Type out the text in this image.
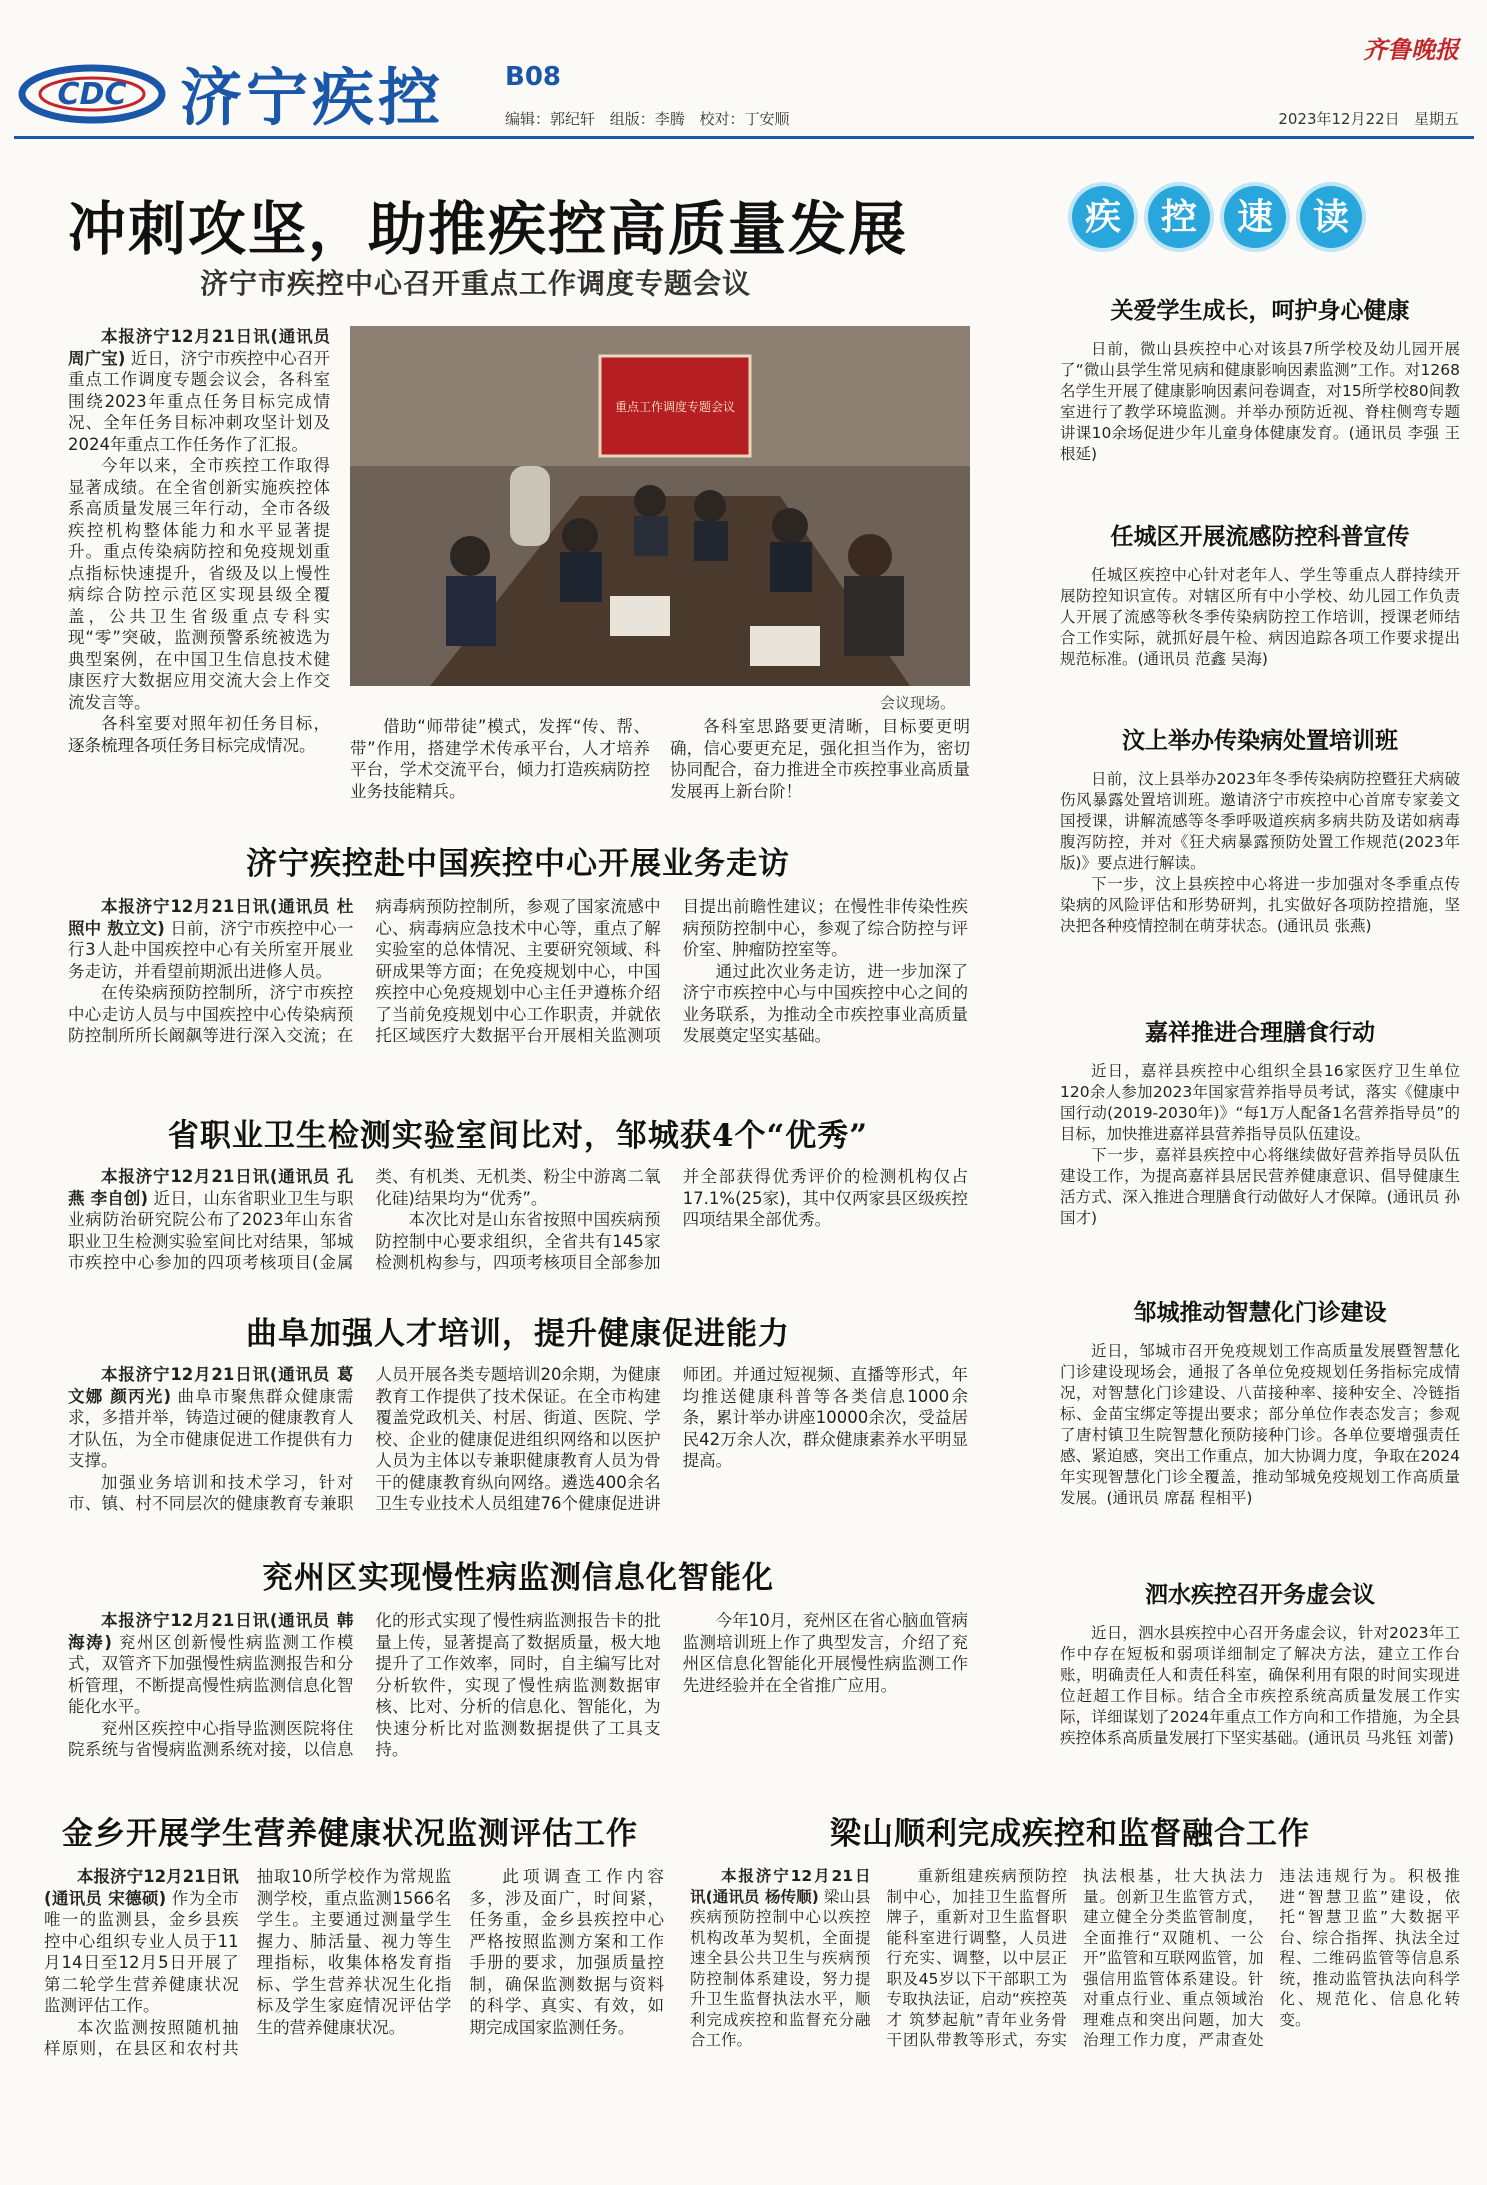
CDC 济宁疾控 B08
齐鲁晚报
编辑：郭纪轩 组版：李腾 校对：丁安顺	2023年12月22日 星期五
冲刺攻坚，助推疾控高质量发展
济宁市疾控中心召开重点工作调度专题会议

本报济宁12月21日讯(通讯员 周广宝) 近日，济宁市疾控中心召开重点工作调度专题会议会，各科室围绕2023年重点任务目标完成情况、全年任务目标冲刺攻坚计划及2024年重点工作任务作了汇报。

今年以来，全市疾控工作取得显著成绩。在全省创新实施疾控体系高质量发展三年行动，全市各级疾控机构整体能力和水平显著提升。重点传染病防控和免疫规划重点指标快速提升，省级及以上慢性病综合防控示范区实现县级全覆盖，公共卫生省级重点专科实现“零”突破，监测预警系统被选为典型案例，在中国卫生信息技术健康医疗大数据应用交流大会上作交流发言等。

各科室要对照年初任务目标，逐条梳理各项任务目标完成情况。

重点工作调度专题会议
会议现场。

借助“师带徒”模式，发挥“传、帮、带”作用，搭建学术传承平台，人才培养平台，学术交流平台，倾力打造疾病防控业务技能精兵。

各科室思路要更清晰，目标要更明确，信心要更充足，强化担当作为，密切协同配合，奋力推进全市疾控事业高质量发展再上新台阶！

济宁疾控赴中国疾控中心开展业务走访

本报济宁12月21日讯(通讯员 杜照中 敖立文) 日前，济宁市疾控中心一行3人赴中国疾控中心有关所室开展业务走访，并看望前期派出进修人员。

在传染病预防控制所，济宁市疾控中心走访人员与中国疾控中心传染病预防控制所所长阚飙等进行深入交流；在病毒病预防控制所，参观了国家流感中心、病毒病应急技术中心等，重点了解实验室的总体情况、主要研究领域、科研成果等方面；在免疫规划中心，中国疾控中心免疫规划中心主任尹遵栋介绍了当前免疫规划中心工作职责，并就依托区域医疗大数据平台开展相关监测项目提出前瞻性建议；在慢性非传染性疾病预防控制中心，参观了综合防控与评价室、肿瘤防控室等。

通过此次业务走访，进一步加深了济宁市疾控中心与中国疾控中心之间的业务联系，为推动全市疾控事业高质量发展奠定坚实基础。

省职业卫生检测实验室间比对，邹城获4个“优秀”

本报济宁12月21日讯(通讯员 孔燕 李自创) 近日，山东省职业卫生与职业病防治研究院公布了2023年山东省职业卫生检测实验室间比对结果，邹城市疾控中心参加的四项考核项目(金属类、有机类、无机类、粉尘中游离二氧化硅)结果均为“优秀”。

本次比对是山东省按照中国疾病预防控制中心要求组织，全省共有145家检测机构参与，四项考核项目全部参加并全部获得优秀评价的检测机构仅占17.1%(25家)，其中仅两家县区级疾控四项结果全部优秀。

曲阜加强人才培训，提升健康促进能力

本报济宁12月21日讯(通讯员 葛文娜 颜丙光) 曲阜市聚焦群众健康需求，多措并举，铸造过硬的健康教育人才队伍，为全市健康促进工作提供有力支撑。

加强业务培训和技术学习，针对市、镇、村不同层次的健康教育专兼职人员开展各类专题培训20余期，为健康教育工作提供了技术保证。在全市构建覆盖党政机关、村居、街道、医院、学校、企业的健康促进组织网络和以医护人员为主体以专兼职健康教育人员为骨干的健康教育纵向网络。遴选400余名卫生专业技术人员组建76个健康促进讲师团。并通过短视频、直播等形式，年均推送健康科普等各类信息1000余条，累计举办讲座10000余次，受益居民42万余人次，群众健康素养水平明显提高。

兖州区实现慢性病监测信息化智能化

本报济宁12月21日讯(通讯员 韩海涛) 兖州区创新慢性病监测工作模式，双管齐下加强慢性病监测报告和分析管理，不断提高慢性病监测信息化智能化水平。

兖州区疾控中心指导监测医院将住院系统与省慢病监测系统对接，以信息化的形式实现了慢性病监测报告卡的批量上传，显著提高了数据质量，极大地提升了工作效率，同时，自主编写比对分析软件，实现了慢性病监测数据审核、比对、分析的信息化、智能化，为快速分析比对监测数据提供了工具支持。

今年10月，兖州区在省心脑血管病监测培训班上作了典型发言，介绍了兖州区信息化智能化开展慢性病监测工作先进经验并在全省推广应用。

金乡开展学生营养健康状况监测评估工作

本报济宁12月21日讯(通讯员 宋德硕) 作为全市唯一的监测县，金乡县疾控中心组织专业人员于11月14日至12月5日开展了第二轮学生营养健康状况监测评估工作。

本次监测按照随机抽样原则，在县区和农村共抽取10所学校作为常规监测学校，重点监测1566名学生。主要通过测量学生握力、肺活量、视力等生理指标，收集体格发育指标、学生营养状况生化指标及学生家庭情况评估学生的营养健康状况。

此项调查工作内容多，涉及面广，时间紧，任务重，金乡县疾控中心严格按照监测方案和工作手册的要求，加强质量控制，确保监测数据与资料的科学、真实、有效，如期完成国家监测任务。

梁山顺利完成疾控和监督融合工作

本报济宁12月21日讯(通讯员 杨传顺) 梁山县疾病预防控制中心以疾控机构改革为契机，全面提速全县公共卫生与疾病预防控制体系建设，努力提升卫生监督执法水平，顺利完成疾控和监督充分融合工作。

重新组建疾病预防控制中心，加挂卫生监督所牌子，重新对卫生监督职能科室进行调整，人员进行充实、调整，以中层正职及45岁以下干部职工为专取执法证，启动“疾控英才 筑梦起航”青年业务骨干团队带教等形式，夯实执法根基，壮大执法力量。创新卫生监管方式，建立健全分类监管制度，全面推行“双随机、一公开”监管和互联网监管，加强信用监管体系建设。针对重点行业、重点领域治理难点和突出问题，加大治理工作力度，严肃查处违法违规行为。积极推进“智慧卫监”建设，依托“智慧卫监”大数据平台、综合指挥、执法全过程、二维码监管等信息系统，推动监管执法向科学化、规范化、信息化转变。

疾 控 速 读
关爱学生成长，呵护身心健康

日前，微山县疾控中心对该县7所学校及幼儿园开展了“微山县学生常见病和健康影响因素监测”工作。对1268名学生开展了健康影响因素问卷调查，对15所学校80间教室进行了教学环境监测。并举办预防近视、脊柱侧弯专题讲课10余场促进少年儿童身体健康发育。(通讯员 李强 王根延)

任城区开展流感防控科普宣传

任城区疾控中心针对老年人、学生等重点人群持续开展防控知识宣传。对辖区所有中小学校、幼儿园工作负责人开展了流感等秋冬季传染病防控工作培训，授课老师结合工作实际，就抓好晨午检、病因追踪各项工作要求提出规范标准。(通讯员 范鑫 吴海)

汶上举办传染病处置培训班

日前，汶上县举办2023年冬季传染病防控暨狂犬病破伤风暴露处置培训班。邀请济宁市疾控中心首席专家姜文国授课，讲解流感等冬季呼吸道疾病多病共防及诺如病毒腹泻防控，并对《狂犬病暴露预防处置工作规范(2023年版)》要点进行解读。

下一步，汶上县疾控中心将进一步加强对冬季重点传染病的风险评估和形势研判，扎实做好各项防控措施，坚决把各种疫情控制在萌芽状态。(通讯员 张燕)

嘉祥推进合理膳食行动

近日，嘉祥县疾控中心组织全县16家医疗卫生单位120余人参加2023年国家营养指导员考试，落实《健康中国行动(2019-2030年)》“每1万人配备1名营养指导员”的目标，加快推进嘉祥县营养指导员队伍建设。

下一步，嘉祥县疾控中心将继续做好营养指导员队伍建设工作，为提高嘉祥县居民营养健康意识、倡导健康生活方式、深入推进合理膳食行动做好人才保障。(通讯员 孙国才)

邹城推动智慧化门诊建设

近日，邹城市召开免疫规划工作高质量发展暨智慧化门诊建设现场会，通报了各单位免疫规划任务指标完成情况，对智慧化门诊建设、八苗接种率、接种安全、冷链指标、金苗宝绑定等提出要求；部分单位作表态发言；参观了唐村镇卫生院智慧化预防接种门诊。各单位要增强责任感、紧迫感，突出工作重点，加大协调力度，争取在2024年实现智慧化门诊全覆盖，推动邹城免疫规划工作高质量发展。(通讯员 席磊 程相平)

泗水疾控召开务虚会议

近日，泗水县疾控中心召开务虚会议，针对2023年工作中存在短板和弱项详细制定了解决方法，建立工作台账，明确责任人和责任科室，确保利用有限的时间实现进位赶超工作目标。结合全市疾控系统高质量发展工作实际，详细谋划了2024年重点工作方向和工作措施，为全县疾控体系高质量发展打下坚实基础。(通讯员 马兆钰 刘蕾)
